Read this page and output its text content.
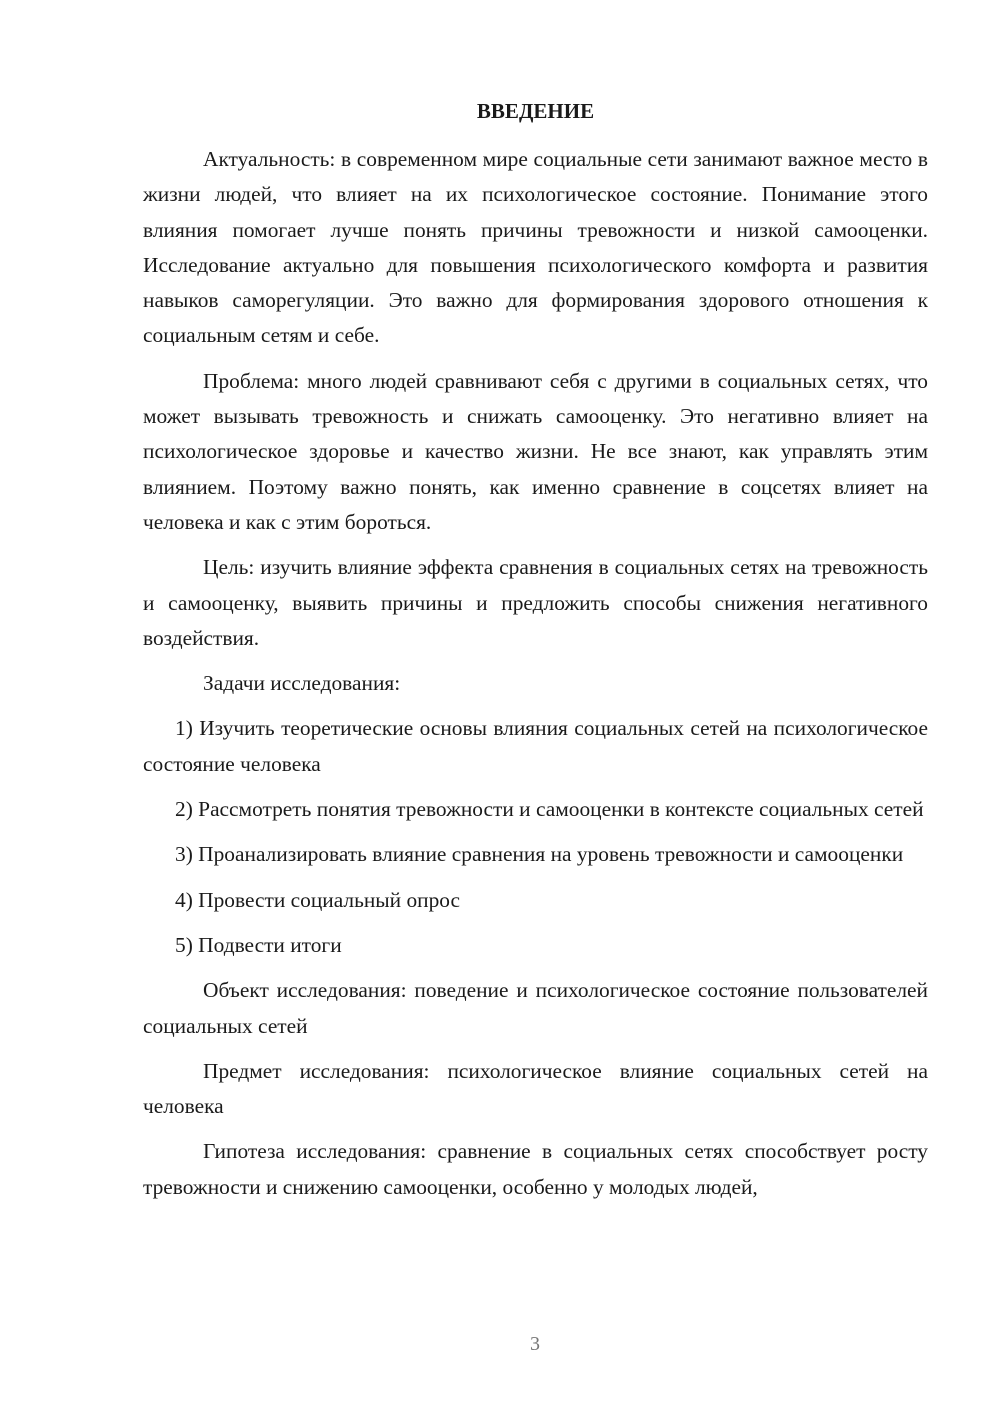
ВВЕДЕНИЕ

Актуальность: в современном мире социальные сети занимают важное место в жизни людей, что влияет на их психологическое состояние. Понимание этого влияния помогает лучше понять причины тревожности и низкой самооценки. Исследование актуально для повышения психологического комфорта и развития навыков саморегуляции. Это важно для формирования здорового отношения к социальным сетям и себе.

Проблема: много людей сравнивают себя с другими в социальных сетях, что может вызывать тревожность и снижать самооценку. Это негативно влияет на психологическое здоровье и качество жизни. Не все знают, как управлять этим влиянием. Поэтому важно понять, как именно сравнение в соцсетях влияет на человека и как с этим бороться.

Цель: изучить влияние эффекта сравнения в социальных сетях на тревожность и самооценку, выявить причины и предложить способы снижения негативного воздействия.

Задачи исследования:

1) Изучить теоретические основы влияния социальных сетей на психологическое состояние человека

2) Рассмотреть понятия тревожности и самооценки в контексте социальных сетей

3) Проанализировать влияние сравнения на уровень тревожности и самооценки

4) Провести социальный опрос

5) Подвести итоги

Объект исследования: поведение и психологическое состояние пользователей социальных сетей

Предмет исследования: психологическое влияние социальных сетей на человека

Гипотеза исследования: сравнение в социальных сетях способствует росту тревожности и снижению самооценки, особенно у молодых людей,

3
